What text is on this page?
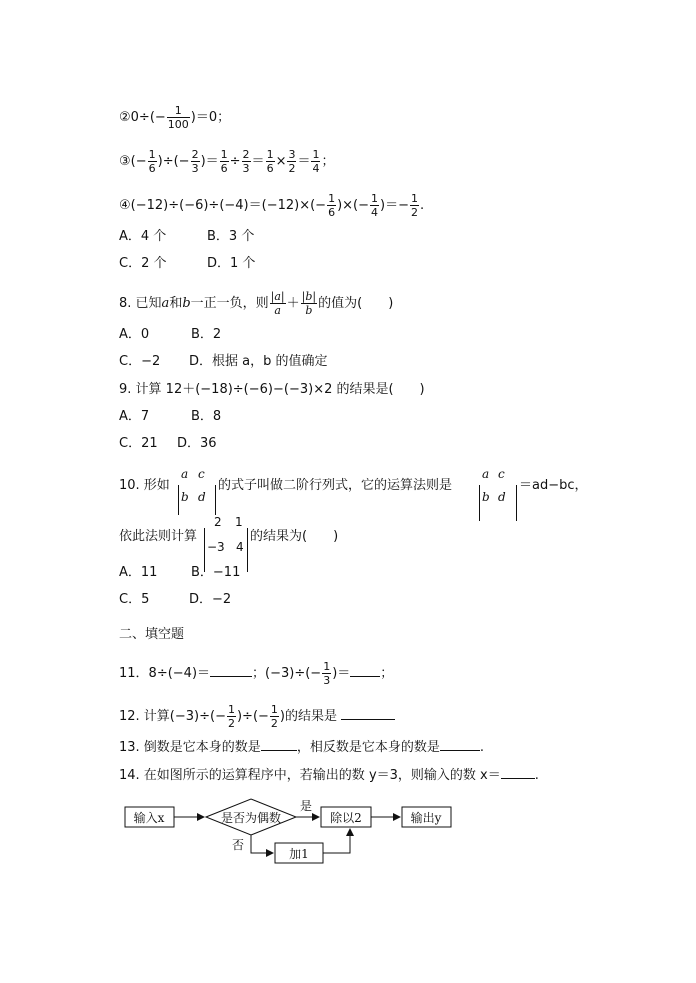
②0÷(− $\frac{1}{100} )=0$；
③(− $\frac{1}{6}$ )÷(− $\frac{2}{3}$ )＝ $\frac{1}{6} \div \frac{2}{3} = \frac{1}{6} \times \frac{3}{2} = \frac{1}{4}$ ；
④(−12)÷(−6)÷(−4)＝(−12)×(− $\frac{1}{6}$ )×(− $\frac{1}{4}$ )＝− $\frac{1}{2}$ .
A．4 个	B．3 个
C．2 个	D．1 个
8. 已知a和b一正一负，则 $\frac{|a|}{a} + \frac{|b|}{b}$ 的值为(　　)
A．0	B．2
C．−2 D．根据 a，b 的值确定
9. 计算 12＋(−18)÷(−6)−(−3)×2 的结果是(　　)
A．7	B．8
C．21 D．36
10. 形如
a c
b d
的式子叫做二阶行列式，它的运算法则是
a c
b d
＝ad−bc，
依此法则计算
2 1
−3 4
的结果为(　　)
A．11	B．−11
C．5	D．−2
二、填空题
11．8÷(−4)＝	；$(-3)\div(- \frac{1}{3}$ )＝ ；
12. 计算$(-3)\div(- \frac{1}{2}$ )÷(− $\frac{1}{2}$ )的结果是
13. 倒数是它本身的数是	，相反数是它本身的数是	.
14. 在如图所示的运算程序中，若输出的数 y＝3，则输入的数 x＝	.
输入x	是否为偶数
是
除以2	输出y
否
加1
